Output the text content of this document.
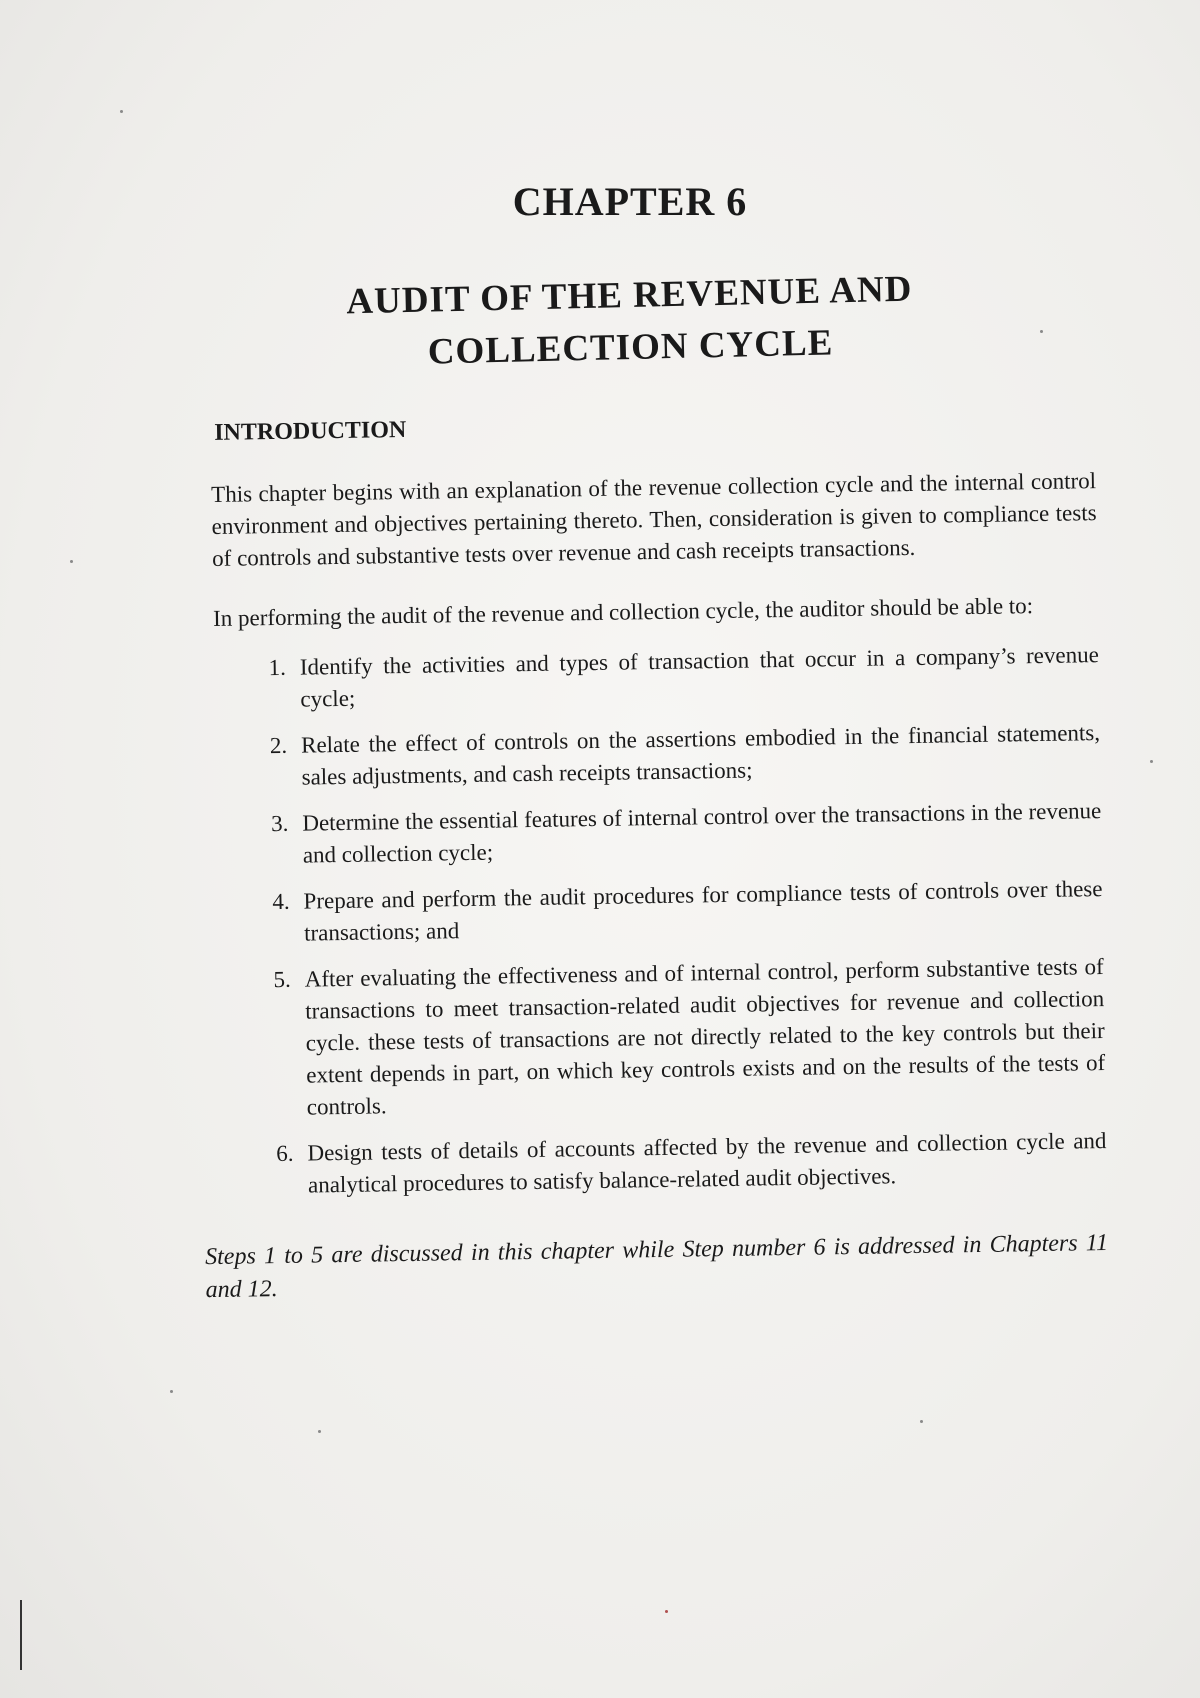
CHAPTER 6
AUDIT OF THE REVENUE AND
COLLECTION CYCLE
INTRODUCTION

This chapter begins with an explanation of the revenue collection cycle and the internal control environment and objectives pertaining thereto. Then, consideration is given to compliance tests of controls and substantive tests over revenue and cash receipts transactions.

In performing the audit of the revenue and collection cycle, the auditor should be able to:

1. Identify the activities and types of transaction that occur in a company’s revenue cycle;
2. Relate the effect of controls on the assertions embodied in the financial statements, sales adjustments, and cash receipts transactions;
3. Determine the essential features of internal control over the transactions in the revenue and collection cycle;
4. Prepare and perform the audit procedures for compliance tests of controls over these transactions; and
5. After evaluating the effectiveness and of internal control, perform substantive tests of transactions to meet transaction-related audit objectives for revenue and collection cycle. these tests of transactions are not directly related to the key controls but their extent depends in part, on which key controls exists and on the results of the tests of controls.
6. Design tests of details of accounts affected by the revenue and collection cycle and analytical procedures to satisfy balance-related audit objectives.

Steps 1 to 5 are discussed in this chapter while Step number 6 is addressed in Chapters 11 and 12.
